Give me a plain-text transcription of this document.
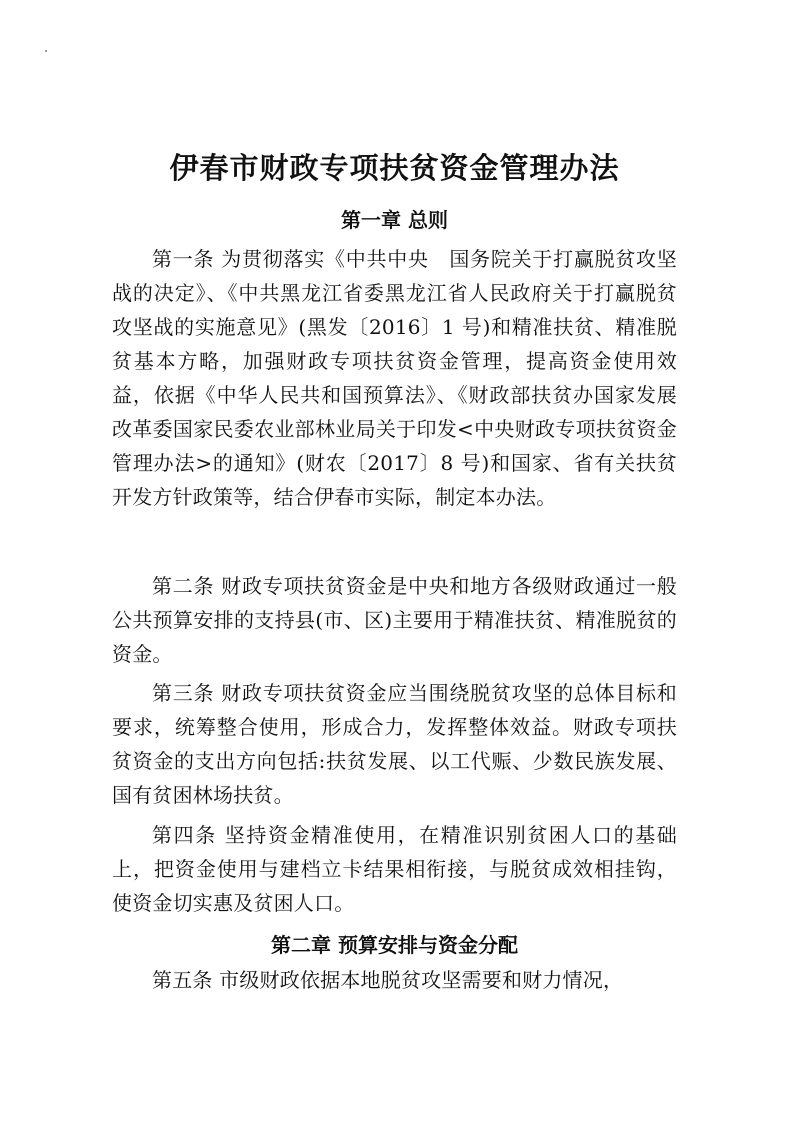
伊春市财政专项扶贫资金管理办法
第一章 总则

第一条 为贯彻落实《中共中央　国务院关于打赢脱贫攻坚战的决定》、《中共黑龙江省委黑龙江省人民政府关于打赢脱贫攻坚战的实施意见》(黑发〔2016〕1 号)和精准扶贫、精准脱贫基本方略，加强财政专项扶贫资金管理，提高资金使用效益，依据《中华人民共和国预算法》、《财政部扶贫办国家发展改革委国家民委农业部林业局关于印发<中央财政专项扶贫资金管理办法>的通知》(财农〔2017〕8 号)和国家、省有关扶贫开发方针政策等，结合伊春市实际，制定本办法。

第二条 财政专项扶贫资金是中央和地方各级财政通过一般公共预算安排的支持县(市、区)主要用于精准扶贫、精准脱贫的资金。

第三条 财政专项扶贫资金应当围绕脱贫攻坚的总体目标和要求，统筹整合使用，形成合力，发挥整体效益。财政专项扶贫资金的支出方向包括:扶贫发展、以工代赈、少数民族发展、国有贫困林场扶贫。

第四条 坚持资金精准使用，在精准识别贫困人口的基础上，把资金使用与建档立卡结果相衔接，与脱贫成效相挂钩，使资金切实惠及贫困人口。

第二章 预算安排与资金分配

第五条 市级财政依据本地脱贫攻坚需要和财力情况，
